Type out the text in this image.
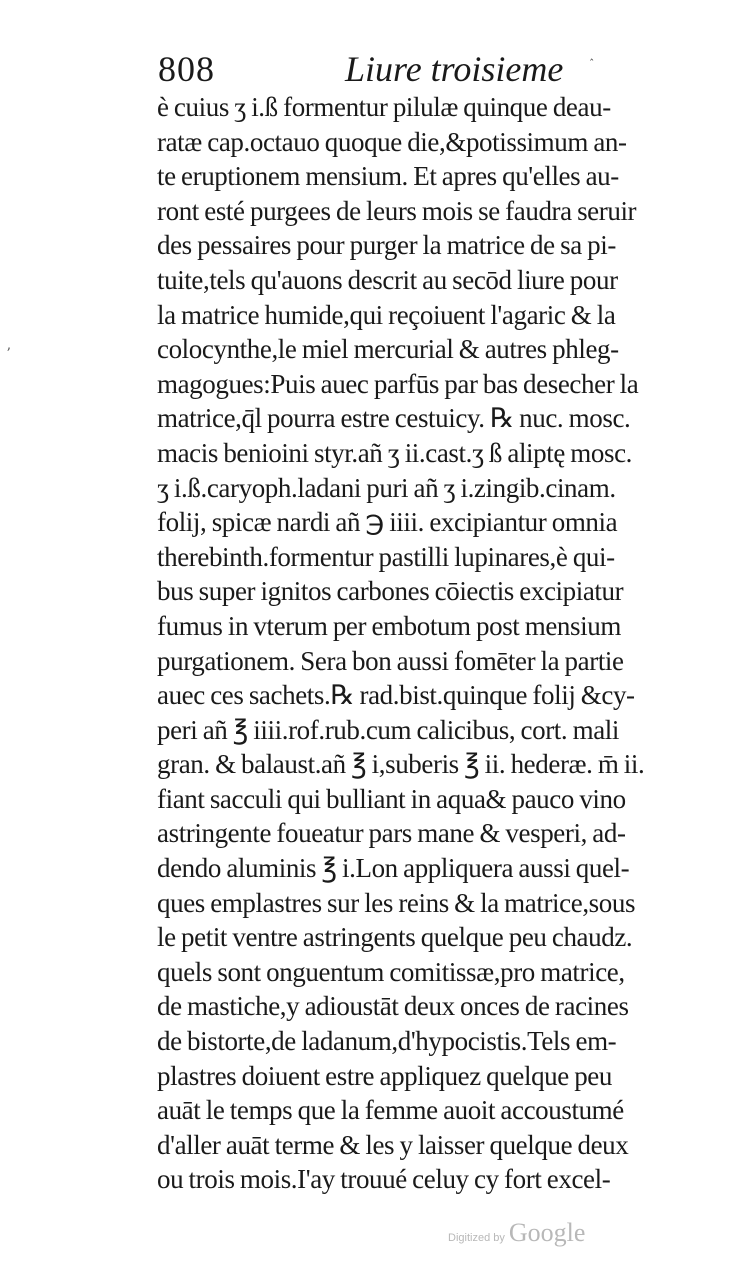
808	Liure troisieme	‸
ʼ
è cuius ʒ i.ß formentur pilulæ quinque deau-
ratæ cap.octauo quoque die,&potissimum an-
te eruptionem mensium. Et apres qu'elles au-
ront esté purgees de leurs mois se faudra seruir
des pessaires pour purger la matrice de sa pi-
tuite,tels qu'auons descrit au secōd liure pour
la matrice humide,qui reçoiuent l'agaric & la
colocynthe,le miel mercurial & autres phleg-
magogues:Puis auec parfūs par bas desecher la
matrice,q̄l pourra estre cestuicy. ℞ nuc. mosc.
macis benioini styr.añ ʒ ii.cast.ʒ ß aliptę mosc.
ʒ i.ß.caryoph.ladani puri añ ʒ i.zingib.cinam.
folij, spicæ nardi añ ℈ iiii. excipiantur omnia
therebinth.formentur pastilli lupinares,è qui-
bus super ignitos carbones cōiectis excipiatur
fumus in vterum per embotum post mensium
purgationem. Sera bon aussi fomēter la partie
auec ces sachets.℞ rad.bist.quinque folij &cy-
peri añ ℥ iiii.rof.rub.cum calicibus, cort. mali
gran. & balaust.añ ℥ i,suberis ℥ ii. hederæ. m̄ ii.
fiant sacculi qui bulliant in aqua& pauco vino
astringente foueatur pars mane & vesperi, ad-
dendo aluminis ℥ i.Lon appliquera aussi quel-
ques emplastres sur les reins & la matrice,sous
le petit ventre astringents quelque peu chaudz.
quels sont onguentum comitissæ,pro matrice,
de mastiche,y adioustāt deux onces de racines
de bistorte,de ladanum,d'hypocistis.Tels em-
plastres doiuent estre appliquez quelque peu
auāt le temps que la femme auoit accoustumé
d'aller auāt terme & les y laisser quelque deux
ou trois mois.I'ay trouué celuy cy fort excel-
Digitized by Google
